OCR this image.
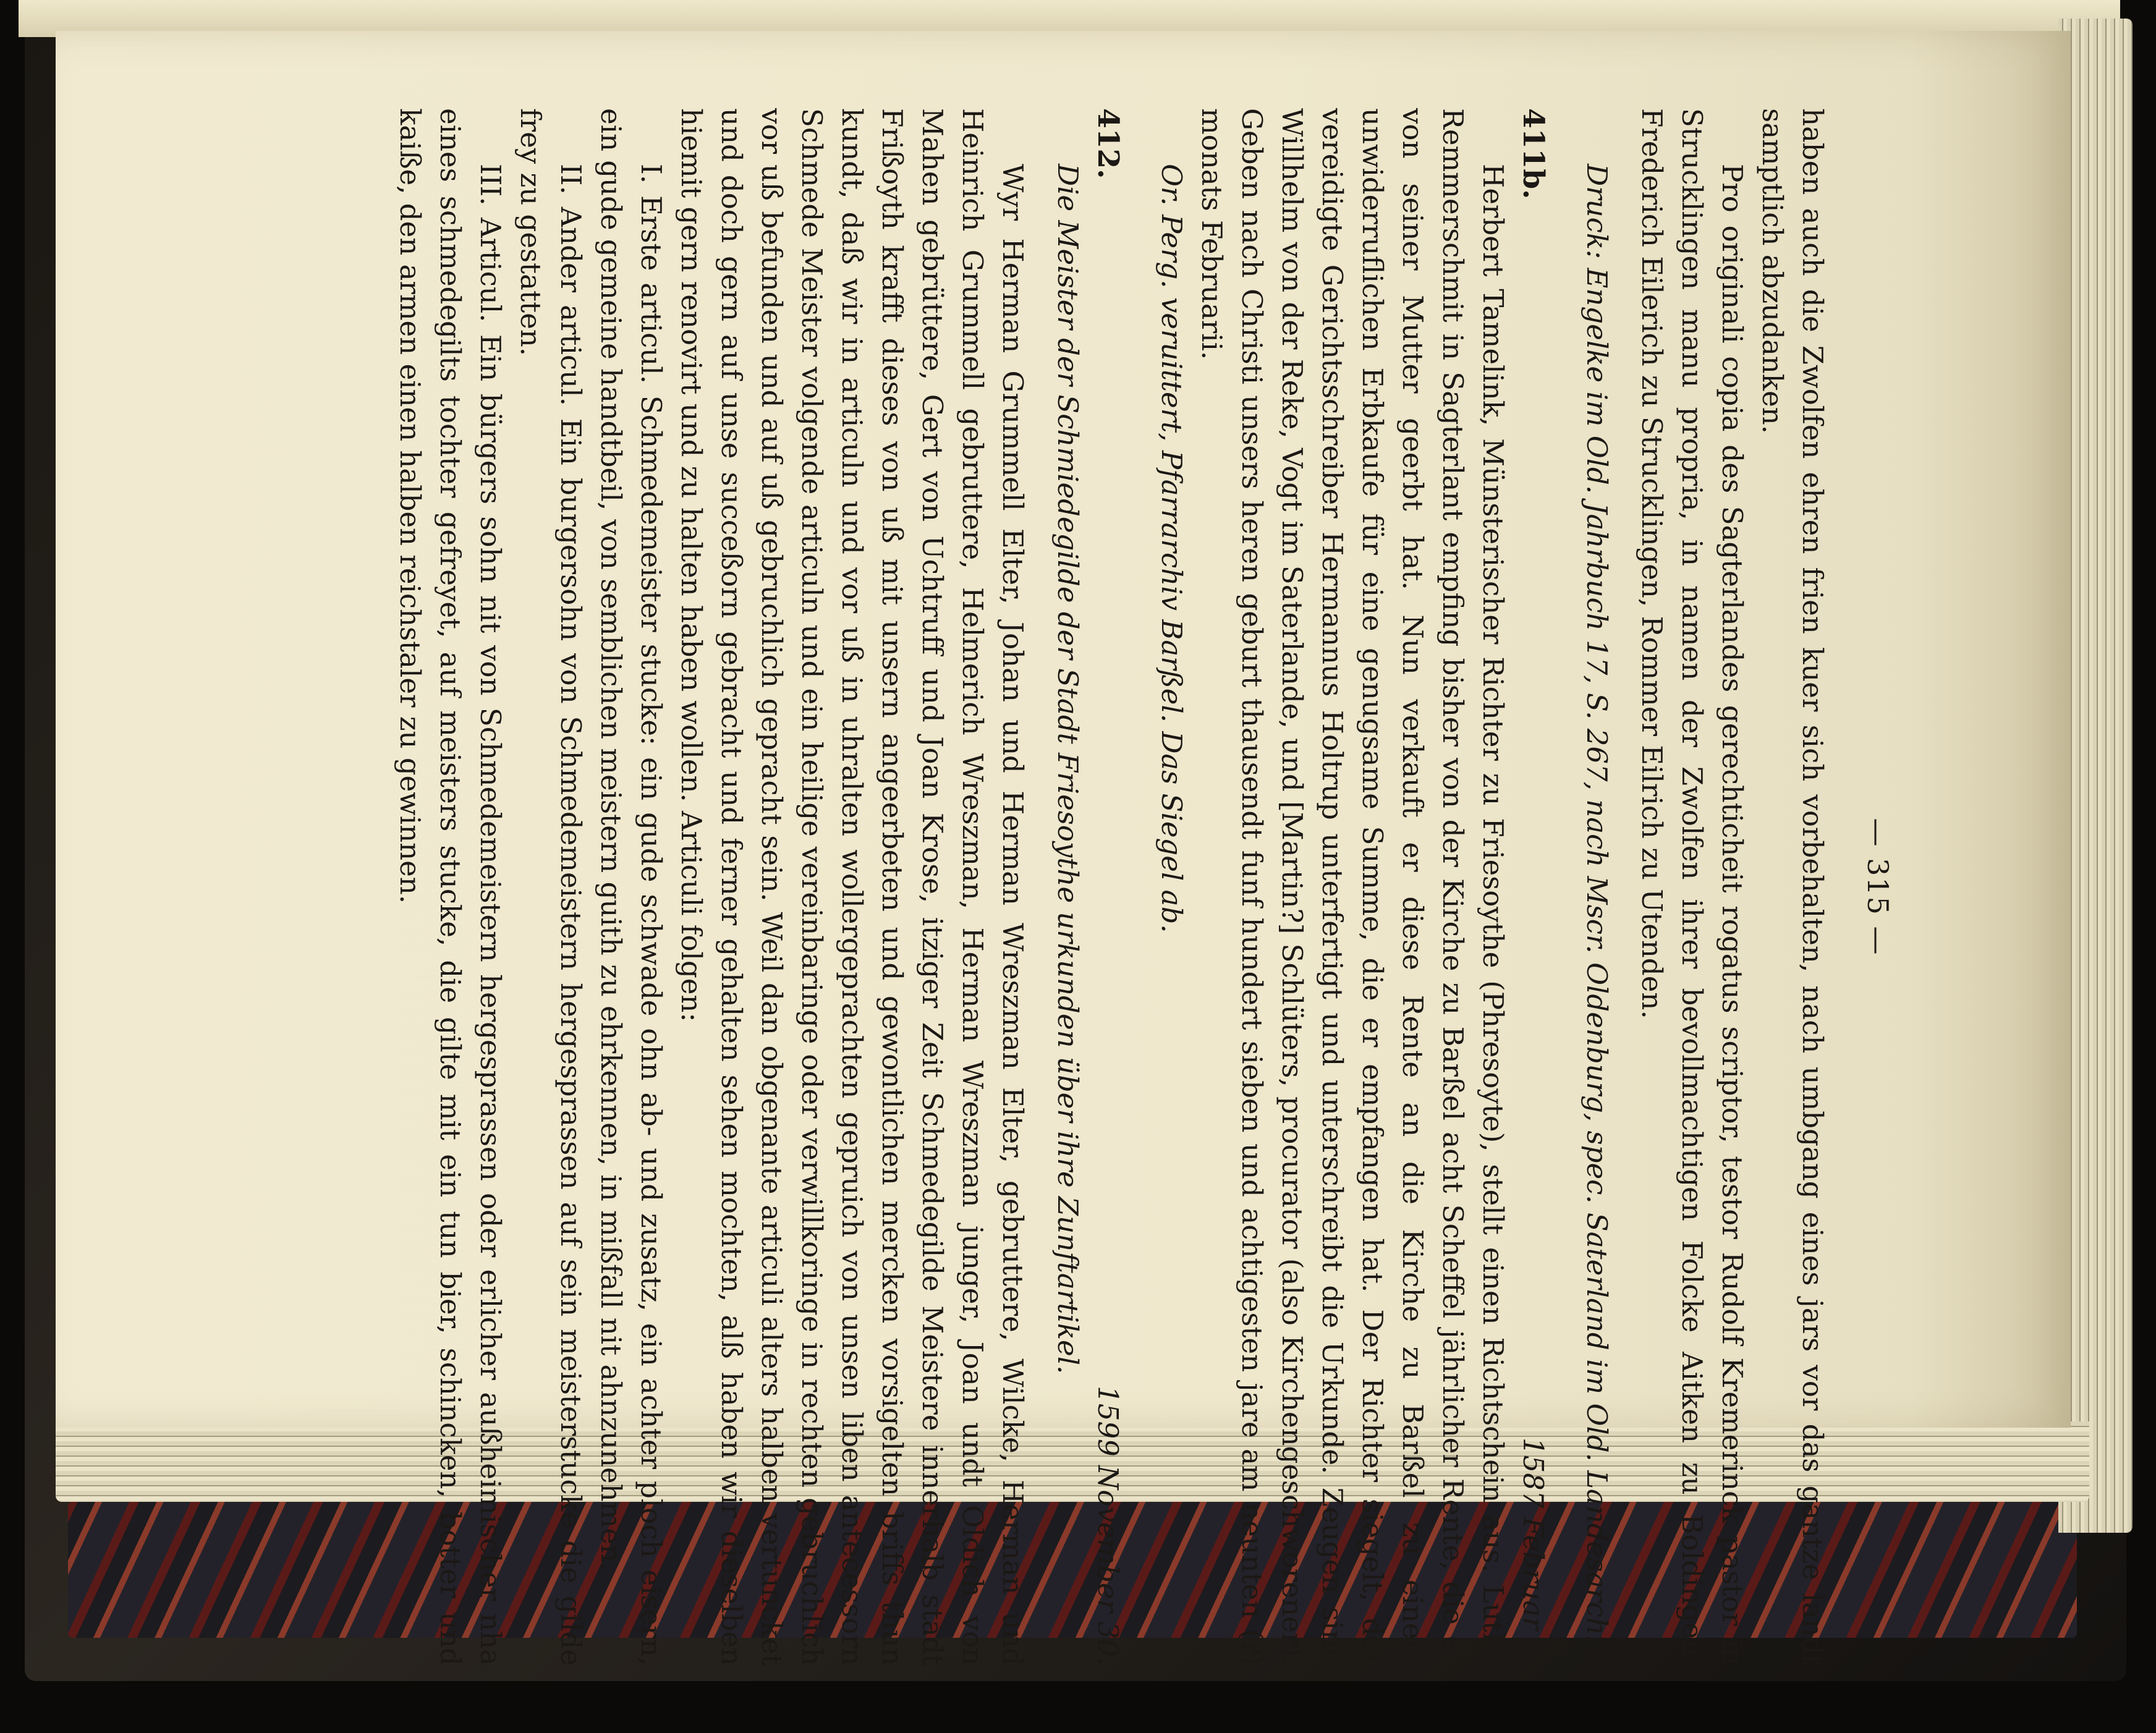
— 315 —

haben auch die Zwolfen ehren frien kuer sich vorbehalten, nach umbgang eines jars vor das gantze landt samptlich abzudanken.

Pro originali copia des Sagterlandes gerechticheit rogatus scriptor, testor Rudolf Kremerinck pastor in Strucklingen manu propria, in namen der Zwolfen ihrer bevollmachtigen Folcke Aitken zu Boldingen, Frederich Eilerich zu Strucklingen, Rommer Eilrich zu Utenden.

Druck: Engelke im Old. Jahrbuch 17, S. 267, nach Mscr. Oldenburg, spec. Saterland im Old. Landesarchiv.

411b.
1587 Februar 9.

Herbert Tamelink, Münsterischer Richter zu Friesoythe (Phresoyte), stellt einen Richtschein aus. Lutke Remmerschmit in Sagterlant empfing bisher von der Kirche zu Barßel acht Scheffel jährlicher Rente, die er von seiner Mutter geerbt hat. Nun verkauft er diese Rente an die Kirche zu Barßel zu einem unwiderruflichen Erbkaufe für eine genugsame Summe, die er empfangen hat. Der Richter siegelt, der vereidigte Gerichtsschreiber Hermannus Holtrup unterfertigt und unterschreibt die Urkunde. Zeugen sind Willhelm von der Reke, Vogt im Saterlande, und [Martin?] Schlüters, procurator (also Kirchengeschworener). Geben nach Christi unsers heren geburt thausendt funf hundert sieben und achtigesten jare am neunten (?) monats Februarii.

Or. Perg. veruittert, Pfarrarchiv Barßel. Das Siegel ab.

412.
1599 November 30.

Die Meister der Schmiedegilde der Stadt Friesoythe urkunden über ihre Zunftartikel.

Wyr Herman Grummell Elter, Johan und Herman Wreszman Elter, gebruttere, Wilcke, Herman und Heinrich Grummell gebruttere, Helmerich Wreszman, Herman Wreszman junger, Joan undt Oldich von Mahen gebrüttere, Gert von Uchtruff und Joan Krose, itziger Zeit Schmedegilde Meistere innerhalb stadt Frißoyth krafft dieses von uß mit unsern angeerbeten und gewontlichen mercken vorsigelten briffs thun kundt, daß wir in articuln und vor uß in uhralten wollergeprachten gepruich von unsen liben antecessorn Schmede Meister volgende articuln und ein heilige vereinbaringe oder verwillkoringe in rechten gebruchlich vor uß befunden und auf uß gebruchlich gepracht sein. Weil dan obgenante articuli alters halben vertuncket und doch gern auf unse succeßorn gebracht und ferner gehalten sehen mochten, alß haben wir dieselben hiemit gern renovirt und zu halten haben wollen. Articuli folgen:

I. Erste articul. Schmedemeister stucke: ein gude schwade ohn ab- und zusatz, ein achter ploch eisern, ein gude gemeine handtbeil, von semblichen meistern guith zu ehrkennen, in mißfall nit ahnzunehmen.

II. Ander articul. Ein burgersohn von Schmedemeistern hergesprassen auf sein meisterstucke die gilde frey zu gestatten.

III. Articul. Ein bürgers sohn nit von Schmedemeistern hergesprassen oder erlicher außheimischer nha eines schmedegilts tochter gefreyet, auf meisters stucke, die gilte mit ein tun bier, schincken, botter und kaiße, den armen einen halben reichstaler zu gewinnen.
